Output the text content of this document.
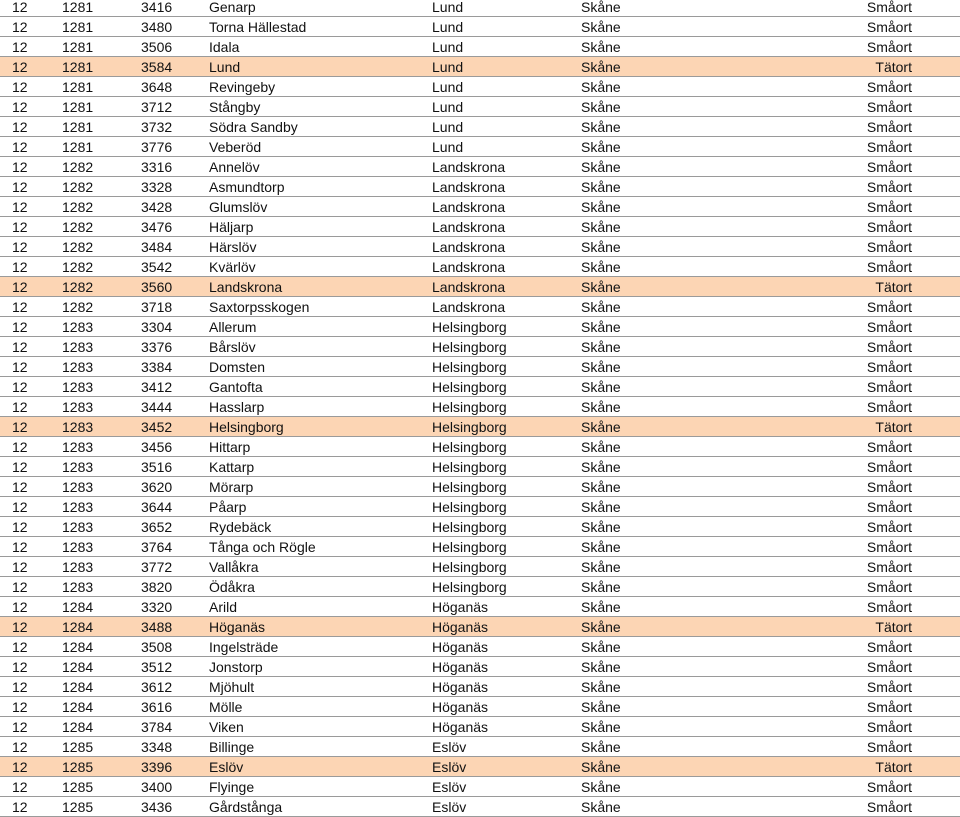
12 1281	3416	Genarp	Lund	Skåne	Småort
12 1281	3480	Torna Hällestad	Lund	Skåne	Småort
12 1281	3506	Idala	Lund	Skåne	Småort
12 1281	3584	Lund	Lund	Skåne	Tätort
12 1281	3648	Revingeby	Lund	Skåne	Småort
12 1281	3712	Stångby	Lund	Skåne	Småort
12 1281	3732	Södra Sandby	Lund	Skåne	Småort
12 1281	3776	Veberöd	Lund	Skåne	Småort
12 1282	3316	Annelöv	Landskrona	Skåne	Småort
12 1282	3328	Asmundtorp	Landskrona	Skåne	Småort
12 1282	3428	Glumslöv	Landskrona	Skåne	Småort
12 1282	3476	Häljarp	Landskrona	Skåne	Småort
12 1282	3484	Härslöv	Landskrona	Skåne	Småort
12 1282	3542	Kvärlöv	Landskrona	Skåne	Småort
12 1282	3560	Landskrona	Landskrona	Skåne	Tätort
12 1282	3718	Saxtorpsskogen	Landskrona	Skåne	Småort
12 1283	3304	Allerum	Helsingborg	Skåne	Småort
12 1283	3376	Bårslöv	Helsingborg	Skåne	Småort
12 1283	3384	Domsten	Helsingborg	Skåne	Småort
12 1283	3412	Gantofta	Helsingborg	Skåne	Småort
12 1283	3444	Hasslarp	Helsingborg	Skåne	Småort
12 1283	3452	Helsingborg	Helsingborg	Skåne	Tätort
12 1283	3456	Hittarp	Helsingborg	Skåne	Småort
12 1283	3516	Kattarp	Helsingborg	Skåne	Småort
12 1283	3620	Mörarp	Helsingborg	Skåne	Småort
12 1283	3644	Påarp	Helsingborg	Skåne	Småort
12 1283	3652	Rydebäck	Helsingborg	Skåne	Småort
12 1283	3764	Tånga och Rögle	Helsingborg	Skåne	Småort
12 1283	3772	Vallåkra	Helsingborg	Skåne	Småort
12 1283	3820	Ödåkra	Helsingborg	Skåne	Småort
12 1284	3320	Arild	Höganäs	Skåne	Småort
12 1284	3488	Höganäs	Höganäs	Skåne	Tätort
12 1284	3508	Ingelsträde	Höganäs	Skåne	Småort
12 1284	3512	Jonstorp	Höganäs	Skåne	Småort
12 1284	3612	Mjöhult	Höganäs	Skåne	Småort
12 1284	3616	Mölle	Höganäs	Skåne	Småort
12 1284	3784	Viken	Höganäs	Skåne	Småort
12 1285	3348	Billinge	Eslöv	Skåne	Småort
12 1285	3396	Eslöv	Eslöv	Skåne	Tätort
12 1285	3400	Flyinge	Eslöv	Skåne	Småort
12 1285	3436	Gårdstånga	Eslöv	Skåne	Småort
